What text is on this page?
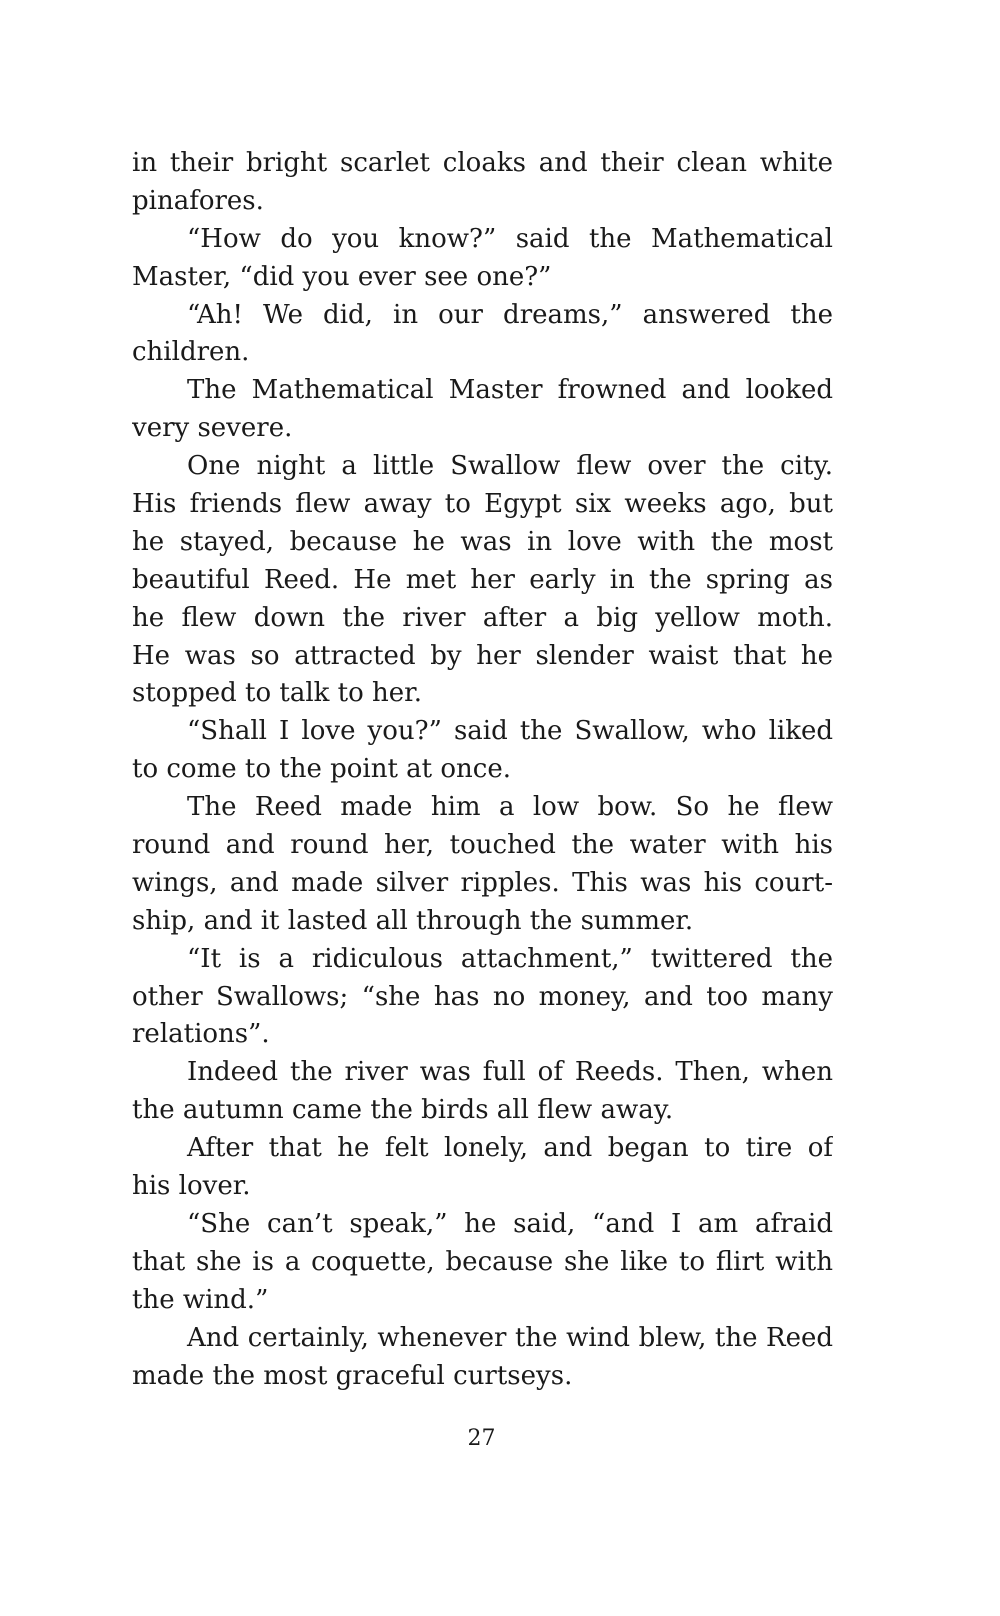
in their bright scarlet cloaks and their clean white
pinafores.
“How do you know?” said the Mathematical
Master, “did you ever see one?”
“Ah! We did, in our dreams,” answered the
children.
The Mathematical Master frowned and looked
very severe.
One night a little Swallow flew over the city.
His friends flew away to Egypt six weeks ago, but
he stayed, because he was in love with the most
beautiful Reed. He met her early in the spring as
he flew down the river after a big yellow moth.
He was so attracted by her slender waist that he
stopped to talk to her.
“Shall I love you?” said the Swallow, who liked
to come to the point at once.
The Reed made him a low bow. So he flew
round and round her, touched the water with his
wings, and made silver ripples. This was his court-
ship, and it lasted all through the summer.
“It is a ridiculous attachment,” twittered the
other Swallows; “she has no money, and too many
relations”.
Indeed the river was full of Reeds. Then, when
the autumn came the birds all flew away.
After that he felt lonely, and began to tire of
his lover.
“She can’t speak,” he said, “and I am afraid
that she is a coquette, because she like to flirt with
the wind.”
And certainly, whenever the wind blew, the Reed
made the most graceful curtseys.
27
